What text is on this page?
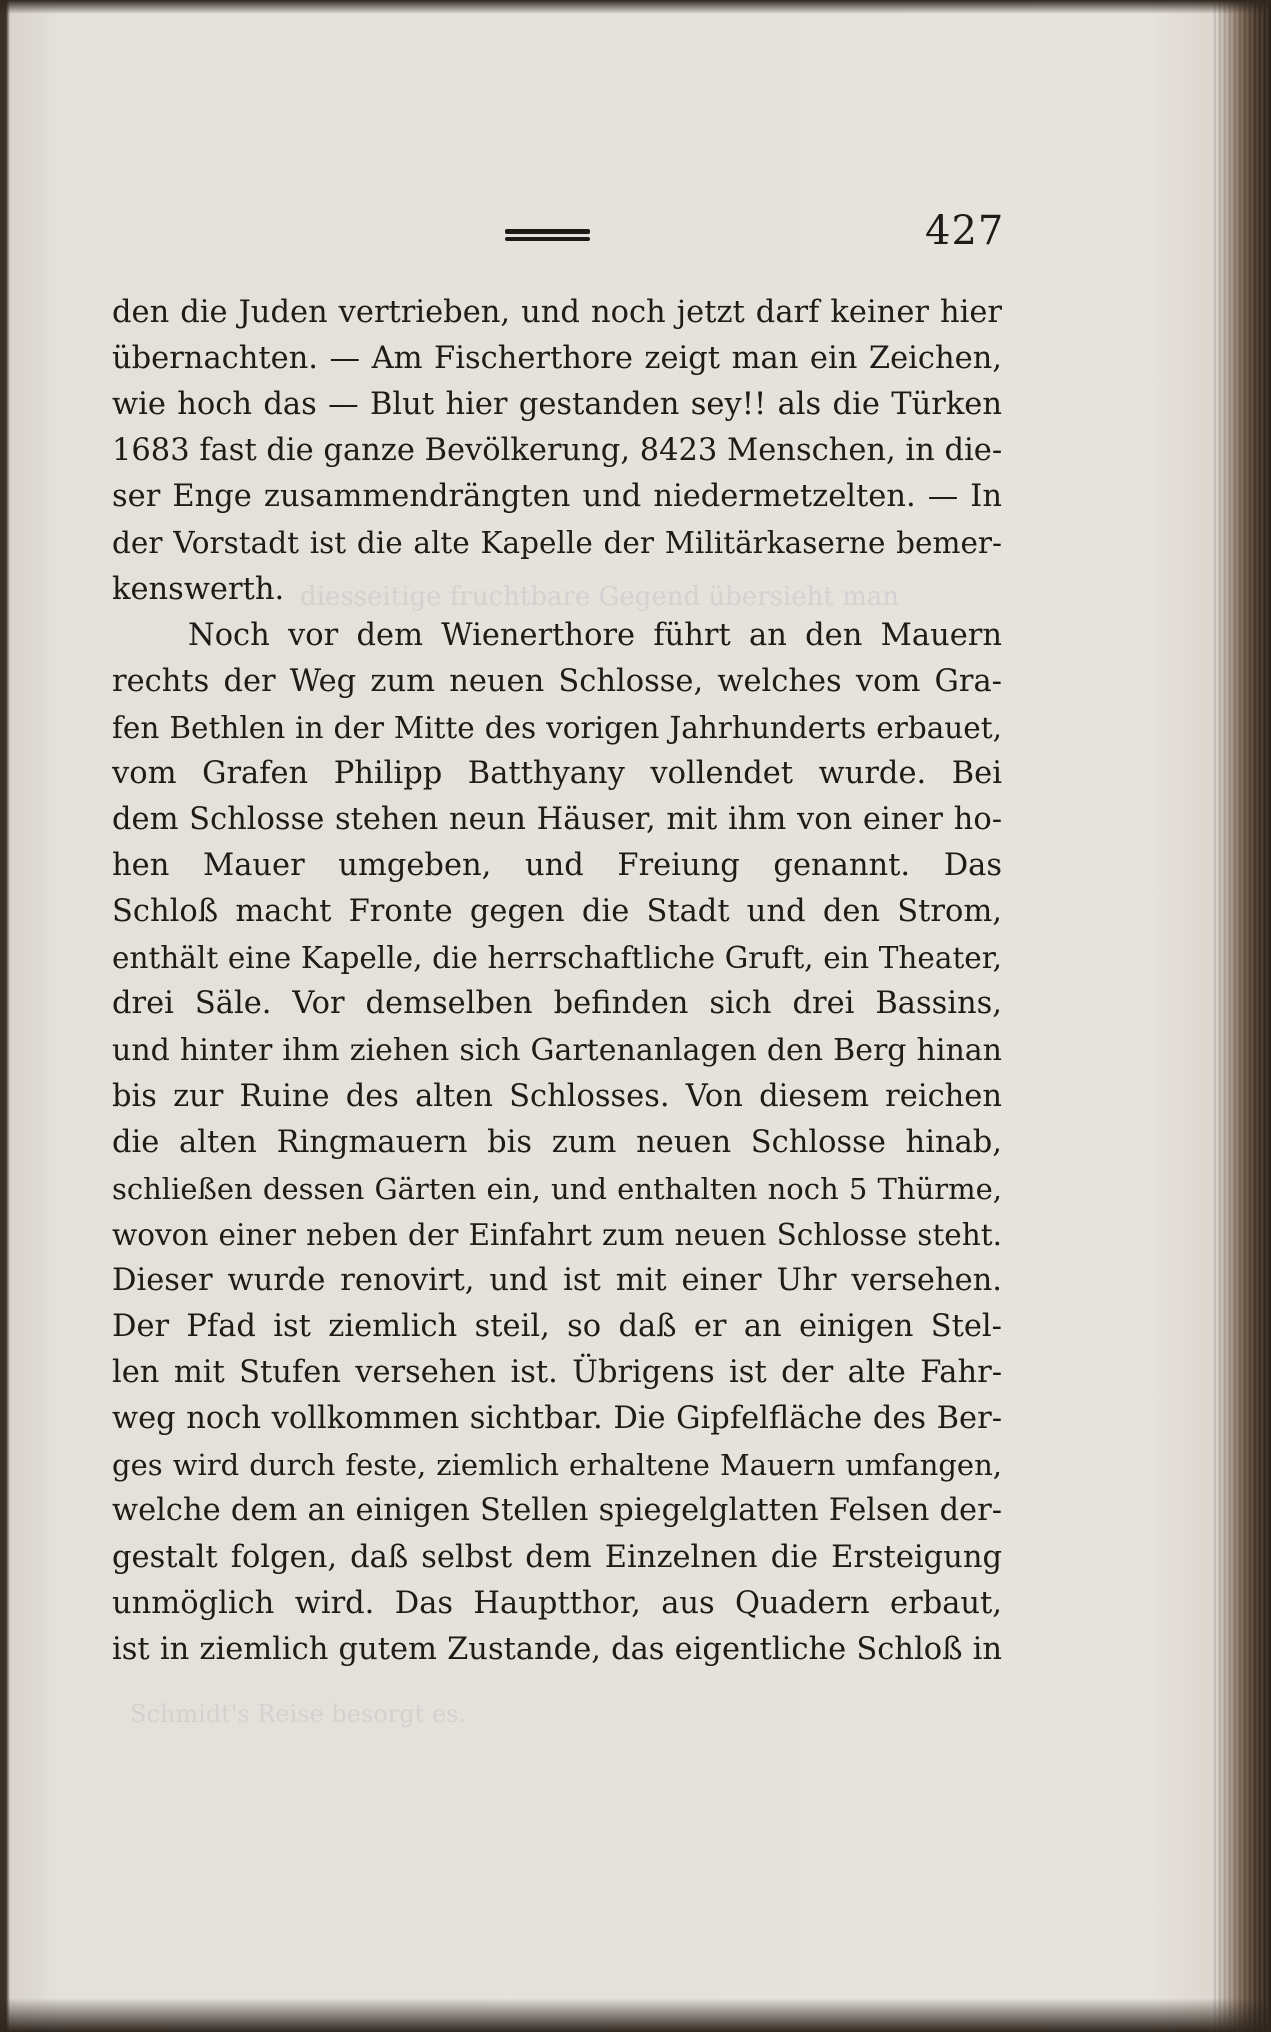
diesseitige fruchtbare Gegend übersieht man
Schmidt's Reise besorgt es.
427
den die Juden vertrieben, und noch jetzt darf keiner hier
übernachten. — Am Fischerthore zeigt man ein Zeichen,
wie hoch das — Blut hier gestanden sey!! als die Türken
1683 fast die ganze Bevölkerung, 8423 Menschen, in die-
ser Enge zusammendrängten und niedermetzelten. — In
der Vorstadt ist die alte Kapelle der Militärkaserne bemer-
kenswerth.
Noch vor dem Wienerthore führt an den Mauern
rechts der Weg zum neuen Schlosse, welches vom Gra-
fen Bethlen in der Mitte des vorigen Jahrhunderts erbauet,
vom Grafen Philipp Batthyany vollendet wurde. Bei
dem Schlosse stehen neun Häuser, mit ihm von einer ho-
hen Mauer umgeben, und Freiung genannt. Das
Schloß macht Fronte gegen die Stadt und den Strom,
enthält eine Kapelle, die herrschaftliche Gruft, ein Theater,
drei Säle. Vor demselben befinden sich drei Bassins,
und hinter ihm ziehen sich Gartenanlagen den Berg hinan
bis zur Ruine des alten Schlosses. Von diesem reichen
die alten Ringmauern bis zum neuen Schlosse hinab,
schließen dessen Gärten ein, und enthalten noch 5 Thürme,
wovon einer neben der Einfahrt zum neuen Schlosse steht.
Dieser wurde renovirt, und ist mit einer Uhr versehen.
Der Pfad ist ziemlich steil, so daß er an einigen Stel-
len mit Stufen versehen ist. Übrigens ist der alte Fahr-
weg noch vollkommen sichtbar. Die Gipfelfläche des Ber-
ges wird durch feste, ziemlich erhaltene Mauern umfangen,
welche dem an einigen Stellen spiegelglatten Felsen der-
gestalt folgen, daß selbst dem Einzelnen die Ersteigung
unmöglich wird. Das Hauptthor, aus Quadern erbaut,
ist in ziemlich gutem Zustande, das eigentliche Schloß in
